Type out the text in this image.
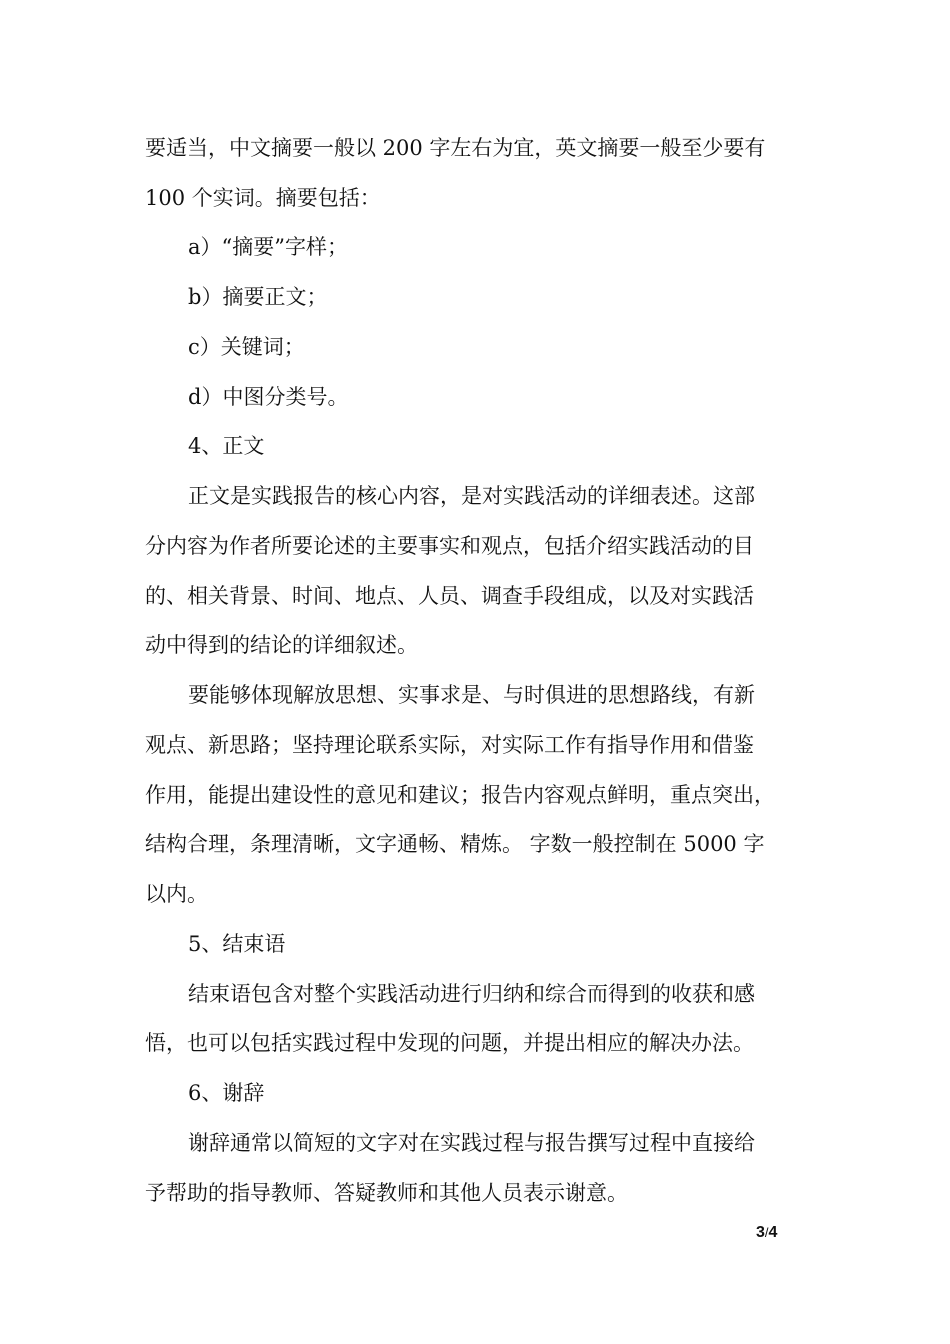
要适当，中文摘要一般以 200 字左右为宜，英文摘要一般至少要有
100 个实词。摘要包括：
a）“摘要”字样；
b）摘要正文；
c）关键词；
d）中图分类号。
4、正文
正文是实践报告的核心内容，是对实践活动的详细表述。这部
分内容为作者所要论述的主要事实和观点，包括介绍实践活动的目
的、相关背景、时间、地点、人员、调查手段组成，以及对实践活
动中得到的结论的详细叙述。
要能够体现解放思想、实事求是、与时俱进的思想路线，有新
观点、新思路；坚持理论联系实际，对实际工作有指导作用和借鉴
作用，能提出建设性的意见和建议；报告内容观点鲜明，重点突出，
结构合理，条理清晰，文字通畅、精炼。 字数一般控制在 5000 字
以内。
5、结束语
结束语包含对整个实践活动进行归纳和综合而得到的收获和感
悟，也可以包括实践过程中发现的问题，并提出相应的解决办法。
6、谢辞
谢辞通常以简短的文字对在实践过程与报告撰写过程中直接给
予帮助的指导教师、答疑教师和其他人员表示谢意。
3/4
